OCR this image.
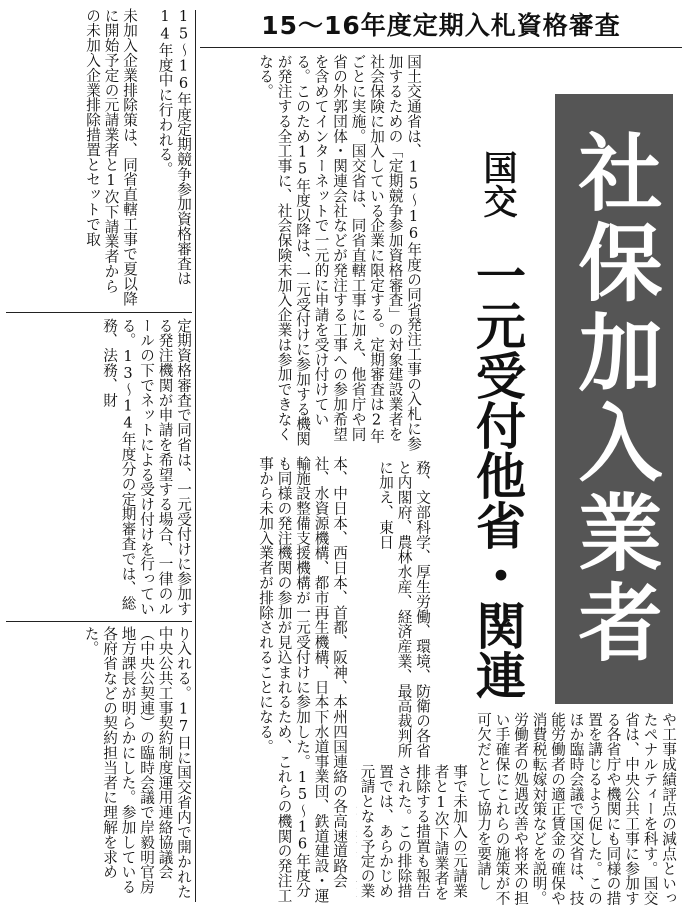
15〜16年度定期入札資格審査
社保加入業者
国交
一元受付他省・関連
国土交通省は、15〜16年度の同省発注工事の入札に参加するための「定期競争参加資格審査」の対象建設業者を社会保険に加入している企業に限定する。定期審査は2年ごとに実施。国交省は、同省直轄工事に加え、他省庁や同省の外郭団体・関連会社などが発注する工事への参加希望を含めてインターネットで一元的に申請を受け付けている。このため15年度以降は、一元受付けに参加する機関が発注する全工事に、社会保険未加入企業は参加できなくなる。
務、文部科学、厚生労働、環境、防衛の各省と内閣府、農林水産、経済産業、最高裁判所に加え、東日
本、中日本、西日本、首都、阪神、本州四国連絡の各高速道路会社、水資源機構、都市再生機構、日本下水道事業団、鉄道建設・運輸施設整備支援機構が一元受付けに参加した。15〜16年度分も同様の発注機関の参加が見込まれるため、これらの機関の発注工事から未加入業者が排除されることになる。
事で未加入の元請業者と1次下請業者を排除する措置も報告された。この排除措置では、あらかじめ元請となる予定の業
や工事成績評点の減点といったペナルティーを科す。国交省は、中央公共工事に参加する各省庁や機関にも同様の措置を講じるよう促した。このほか臨時会議で国交省は、技能労働者の適正賃金の確保や消費税転嫁対策などを説明。労働者の処遇改善や将来の担い手確保にこれらの施策が不可欠だとして協力を要請し
15〜16年度定期競争参加資格審査は14年度中に行われる。
定期資格審査で同省は、一元受付けに参加する発注機関が申請を希望する場合、一律のルールの下でネットによる受け付けを行っている。13〜14年度分の定期審査では、総務、法務、財
り入れる。17日に国交省内で開かれた中央公共工事契約制度運用連絡協議会（中央公契連）の臨時会議で岸毅明官房地方課長が明らかにした。参加している各府省などの契約担当者に理解を求めた。
未加入企業排除策は、同省直轄工事で夏以降に開始予定の元請業者と1次下請業者からの未加入企業排除措置とセットで取
